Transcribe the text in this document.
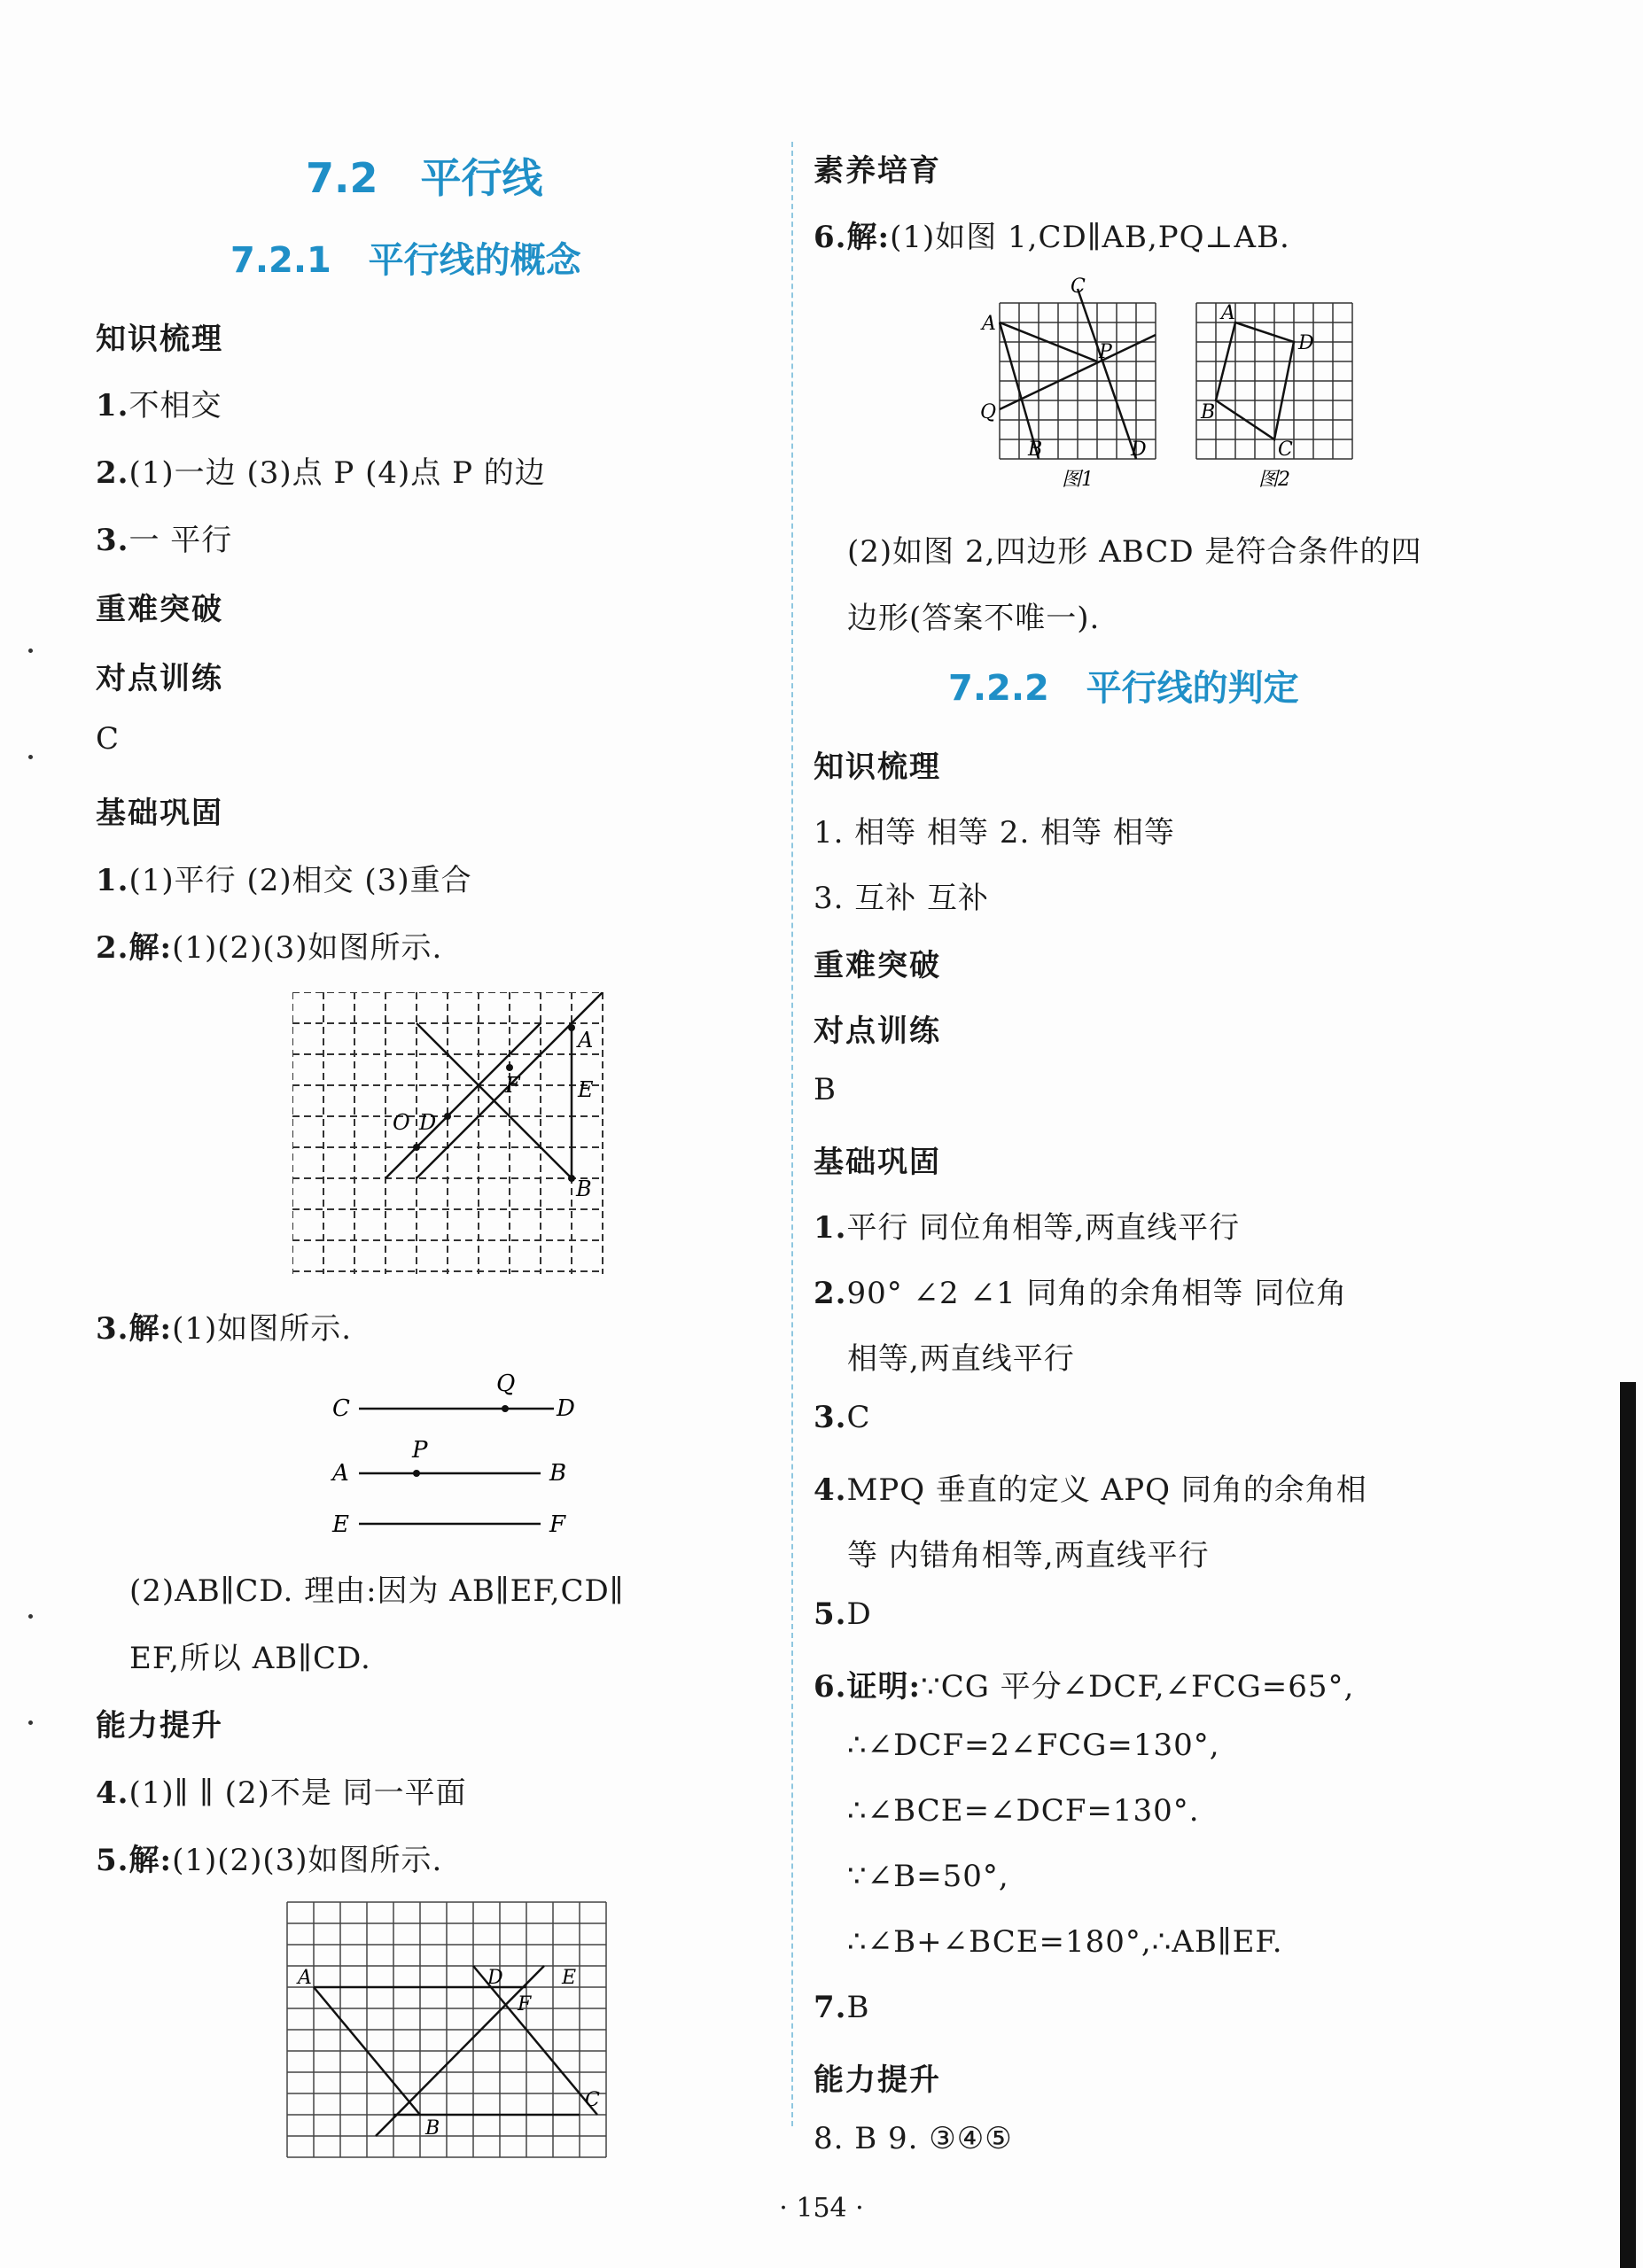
7.2 平行线
7.2.1 平行线的概念
知识梳理
1.不相交
2.(1)一边 (3)点 P (4)点 P 的边
3.一 平行
重难突破
对点训练
C
基础巩固
1.(1)平行 (2)相交 (3)重合
2.解:(1)(2)(3)如图所示.
A
E
B
F
D
O
3.解:(1)如图所示.
C	D
Q
A	B
P
E	F
(2)AB∥CD. 理由:因为 AB∥EF,CD∥
EF,所以 AB∥CD.
能力提升
4.(1)∥ ∥ (2)不是 同一平面
5.解:(1)(2)(3)如图所示.
A	D	E
F
C
B
素养培育
6.解:(1)如图 1,CD∥AB,PQ⊥AB.
C
A
P
Q
B	D
图1
A
D
B
C
图2
(2)如图 2,四边形 ABCD 是符合条件的四
边形(答案不唯一).
7.2.2 平行线的判定
知识梳理
1. 相等 相等 2. 相等 相等
3. 互补 互补
重难突破
对点训练
B
基础巩固
1.平行 同位角相等,两直线平行
2.90° ∠2 ∠1 同角的余角相等 同位角
相等,两直线平行
3.C
4.MPQ 垂直的定义 APQ 同角的余角相
等 内错角相等,两直线平行
5.D
6.证明:∵CG 平分∠DCF,∠FCG=65°,
∴∠DCF=2∠FCG=130°,
∴∠BCE=∠DCF=130°.
∵∠B=50°,
∴∠B+∠BCE=180°,∴AB∥EF.
7.B
能力提升
8. B 9. ③④⑤
· 154 ·
